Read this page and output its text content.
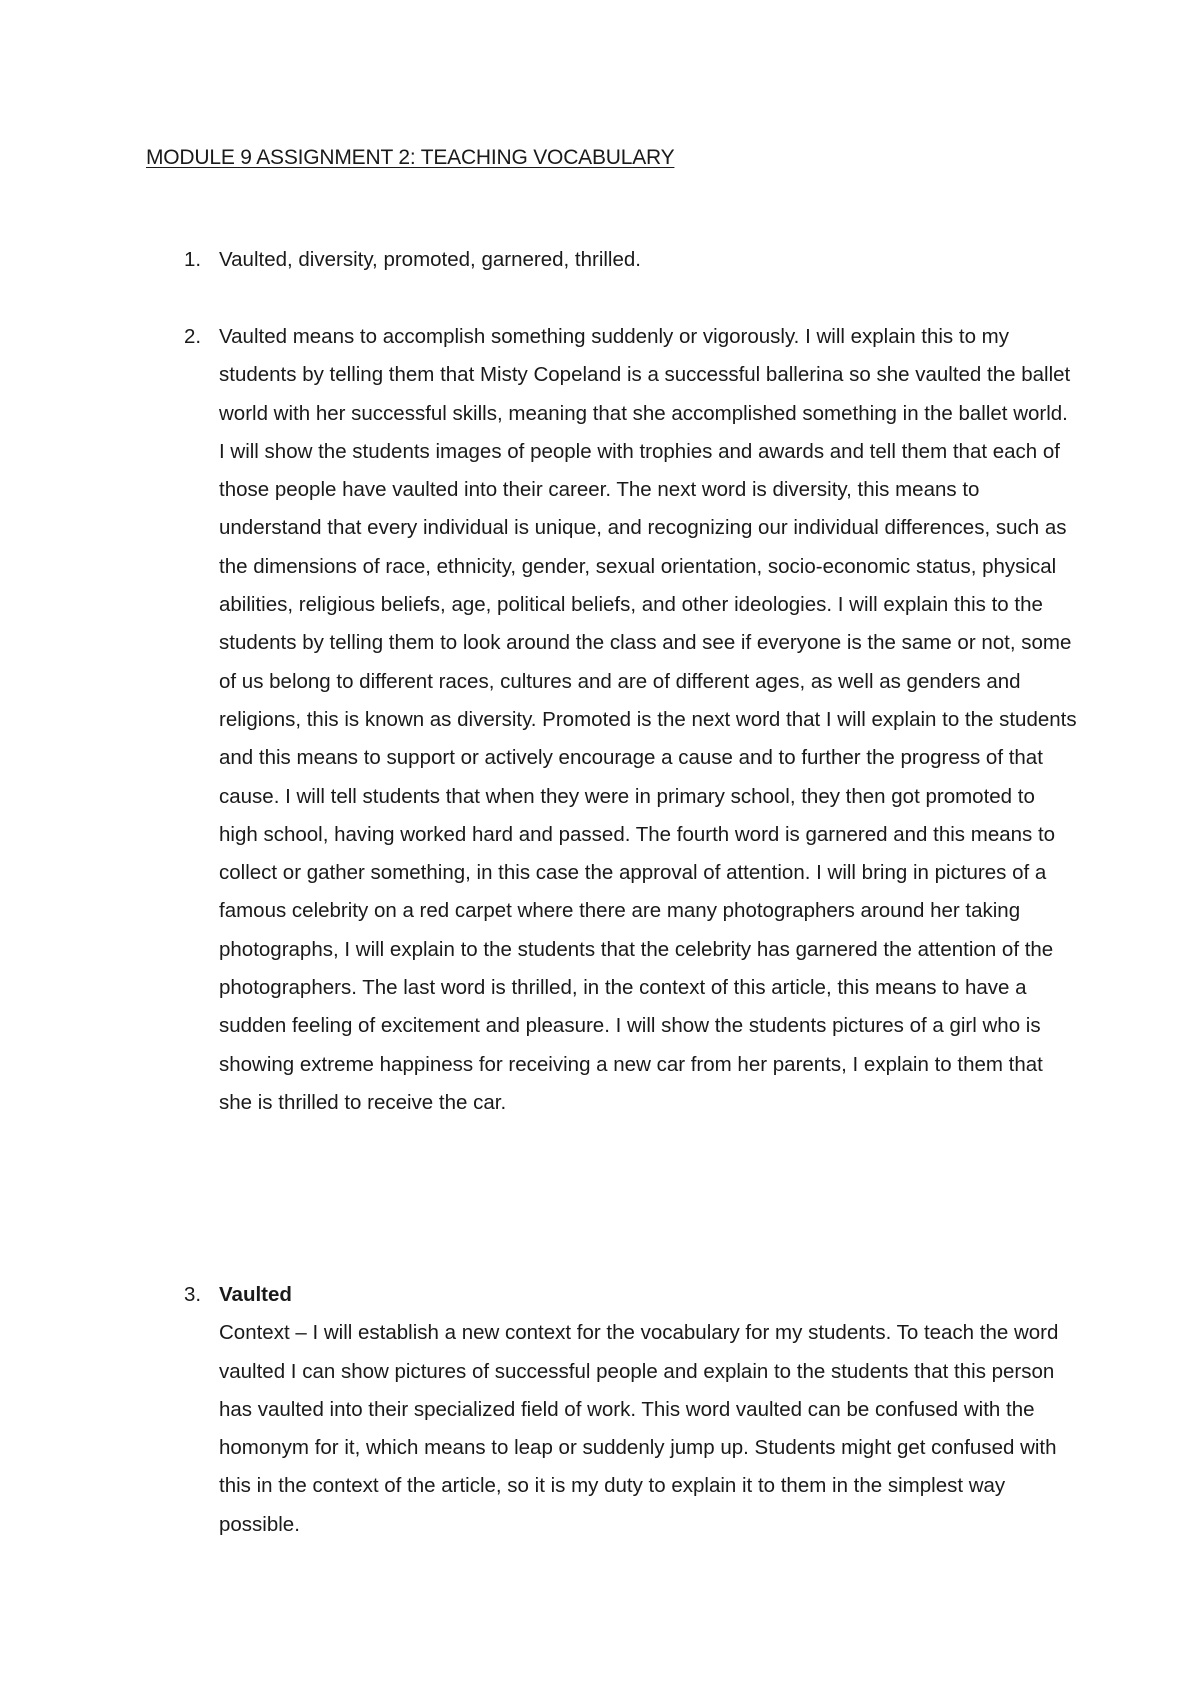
MODULE 9 ASSIGNMENT 2: TEACHING VOCABULARY
1. Vaulted, diversity, promoted, garnered, thrilled.

2. Vaulted means to accomplish something suddenly or vigorously. I will explain this to my students by telling them that Misty Copeland is a successful ballerina so she vaulted the ballet world with her successful skills, meaning that she accomplished something in the ballet world. I will show the students images of people with trophies and awards and tell them that each of those people have vaulted into their career. The next word is diversity, this means to understand that every individual is unique, and recognizing our individual differences, such as the dimensions of race, ethnicity, gender, sexual orientation, socio-economic status, physical abilities, religious beliefs, age, political beliefs, and other ideologies. I will explain this to the students by telling them to look around the class and see if everyone is the same or not, some of us belong to different races, cultures and are of different ages, as well as genders and religions, this is known as diversity. Promoted is the next word that I will explain to the students and this means to support or actively encourage a cause and to further the progress of that cause. I will tell students that when they were in primary school, they then got promoted to high school, having worked hard and passed. The fourth word is garnered and this means to collect or gather something, in this case the approval of attention. I will bring in pictures of a famous celebrity on a red carpet where there are many photographers around her taking photographs, I will explain to the students that the celebrity has garnered the attention of the photographers. The last word is thrilled, in the context of this article, this means to have a sudden feeling of excitement and pleasure. I will show the students pictures of a girl who is showing extreme happiness for receiving a new car from her parents, I explain to them that she is thrilled to receive the car.

3. Vaulted

Context – I will establish a new context for the vocabulary for my students. To teach the word vaulted I can show pictures of successful people and explain to the students that this person has vaulted into their specialized field of work. This word vaulted can be confused with the homonym for it, which means to leap or suddenly jump up. Students might get confused with this in the context of the article, so it is my duty to explain it to them in the simplest way possible.
